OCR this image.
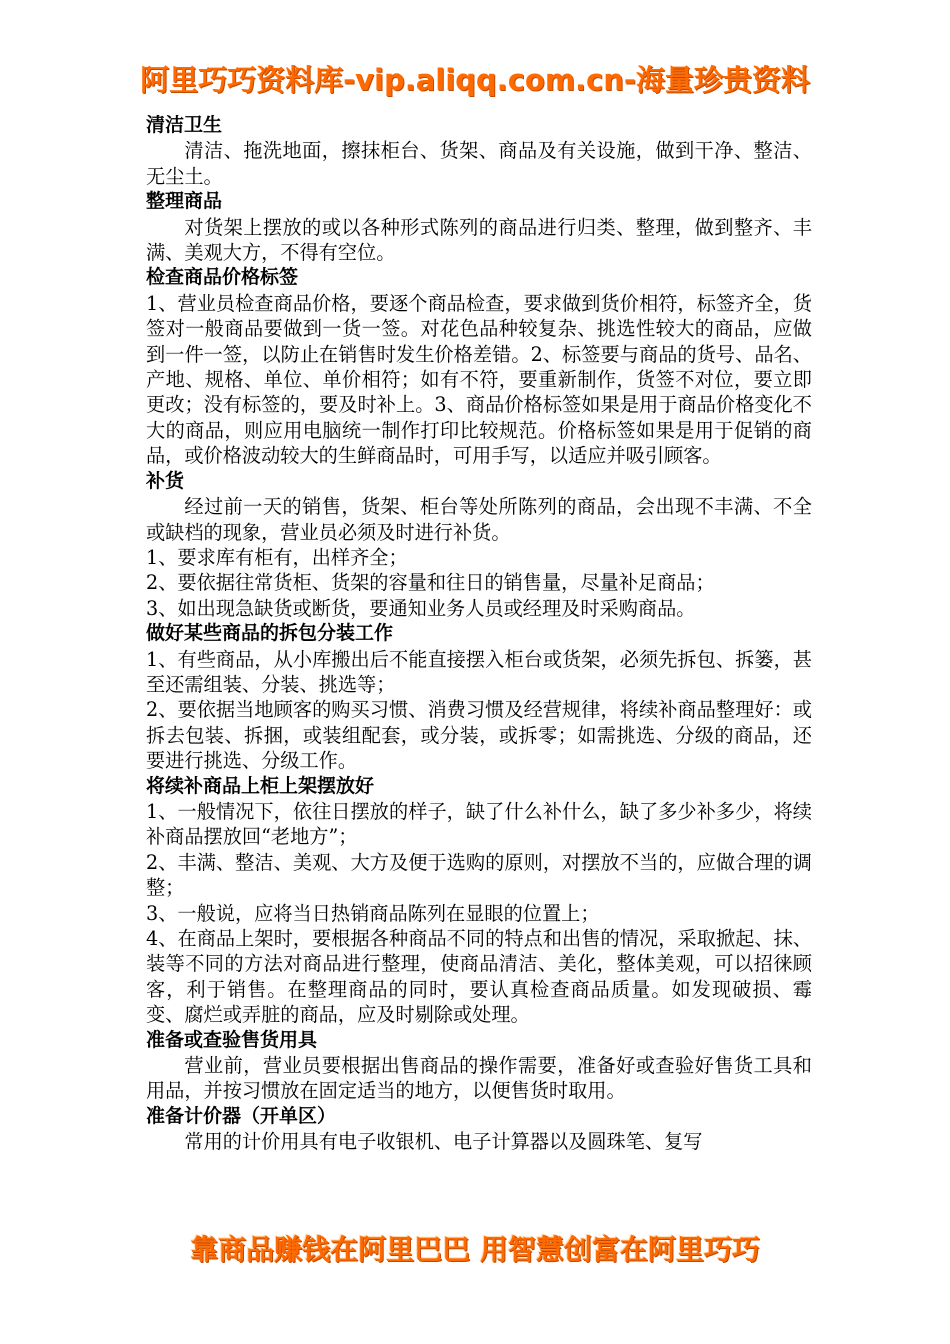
阿里巧巧资料库-vip.aliqq.com.cn-海量珍贵资料
清洁卫生

清洁、拖洗地面，擦抹柜台、货架、商品及有关设施，做到干净、整洁、无尘土。

整理商品

对货架上摆放的或以各种形式陈列的商品进行归类、整理，做到整齐、丰满、美观大方，不得有空位。

检查商品价格标签

1、营业员检查商品价格，要逐个商品检查，要求做到货价相符，标签齐全，货签对一般商品要做到一货一签。对花色品种较复杂、挑选性较大的商品，应做到一件一签，以防止在销售时发生价格差错。2、标签要与商品的货号、品名、产地、规格、单位、单价相符；如有不符，要重新制作，货签不对位，要立即更改；没有标签的，要及时补上。3、商品价格标签如果是用于商品价格变化不大的商品，则应用电脑统一制作打印比较规范。价格标签如果是用于促销的商品，或价格波动较大的生鲜商品时，可用手写，以适应并吸引顾客。

补货

经过前一天的销售，货架、柜台等处所陈列的商品，会出现不丰满、不全或缺档的现象，营业员必须及时进行补货。

1、要求库有柜有，出样齐全；

2、要依据往常货柜、货架的容量和往日的销售量，尽量补足商品；

3、如出现急缺货或断货，要通知业务人员或经理及时采购商品。

做好某些商品的拆包分装工作

1、有些商品，从小库搬出后不能直接摆入柜台或货架，必须先拆包、拆篓，甚至还需组装、分装、挑选等；

2、要依据当地顾客的购买习惯、消费习惯及经营规律，将续补商品整理好：或拆去包装、拆捆，或装组配套，或分装，或拆零；如需挑选、分级的商品，还要进行挑选、分级工作。

将续补商品上柜上架摆放好

1、一般情况下，依往日摆放的样子，缺了什么补什么，缺了多少补多少，将续补商品摆放回“老地方”；

2、丰满、整洁、美观、大方及便于选购的原则，对摆放不当的，应做合理的调整；

3、一般说，应将当日热销商品陈列在显眼的位置上；

4、在商品上架时，要根据各种商品不同的特点和出售的情况，采取掀起、抹、装等不同的方法对商品进行整理，使商品清洁、美化，整体美观，可以招徕顾客，利于销售。在整理商品的同时，要认真检查商品质量。如发现破损、霉变、腐烂或弄脏的商品，应及时剔除或处理。

准备或查验售货用具

营业前，营业员要根据出售商品的操作需要，准备好或查验好售货工具和用品，并按习惯放在固定适当的地方，以便售货时取用。

准备计价器（开单区）

常用的计价用具有电子收银机、电子计算器以及圆珠笔、复写

靠商品赚钱在阿里巴巴 用智慧创富在阿里巧巧
